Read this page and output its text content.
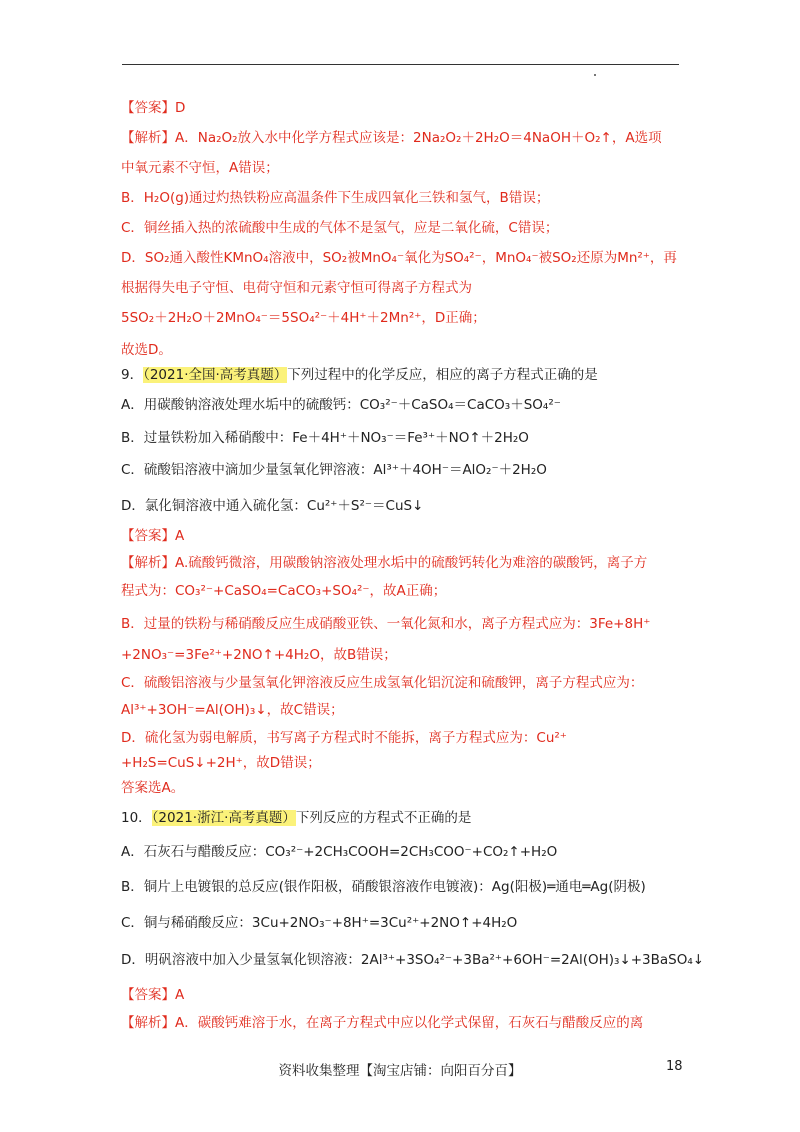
【答案】D
【解析】A．Na₂O₂放入水中化学方程式应该是：2Na₂O₂＋2H₂O＝4NaOH＋O₂↑，A选项
中氧元素不守恒，A错误；
B．H₂O(g)通过灼热铁粉应高温条件下生成四氧化三铁和氢气，B错误；
C．铜丝插入热的浓硫酸中生成的气体不是氢气，应是二氧化硫，C错误；
D．SO₂通入酸性KMnO₄溶液中，SO₂被MnO₄⁻氧化为SO₄²⁻，MnO₄⁻被SO₂还原为Mn²⁺，再
根据得失电子守恒、电荷守恒和元素守恒可得离子方程式为
5SO₂＋2H₂O＋2MnO₄⁻＝5SO₄²⁻＋4H⁺＋2Mn²⁺，D正确；
故选D。
9．（2021·全国·高考真题）下列过程中的化学反应，相应的离子方程式正确的是
A．用碳酸钠溶液处理水垢中的硫酸钙：CO₃²⁻＋CaSO₄＝CaCO₃＋SO₄²⁻
B．过量铁粉加入稀硝酸中：Fe＋4H⁺＋NO₃⁻＝Fe³⁺＋NO↑＋2H₂O
C．硫酸铝溶液中滴加少量氢氧化钾溶液：Al³⁺＋4OH⁻＝AlO₂⁻＋2H₂O
D．氯化铜溶液中通入硫化氢：Cu²⁺＋S²⁻＝CuS↓
【答案】A
【解析】A.硫酸钙微溶，用碳酸钠溶液处理水垢中的硫酸钙转化为难溶的碳酸钙，离子方
程式为：CO₃²⁻+CaSO₄=CaCO₃+SO₄²⁻，故A正确；
B．过量的铁粉与稀硝酸反应生成硝酸亚铁、一氧化氮和水，离子方程式应为：3Fe+8H⁺
+2NO₃⁻=3Fe²⁺+2NO↑+4H₂O，故B错误；
C．硫酸铝溶液与少量氢氧化钾溶液反应生成氢氧化铝沉淀和硫酸钾，离子方程式应为：
Al³⁺+3OH⁻=Al(OH)₃↓，故C错误；
D．硫化氢为弱电解质，书写离子方程式时不能拆，离子方程式应为：Cu²⁺
+H₂S=CuS↓+2H⁺，故D错误；
答案选A。
10．（2021·浙江·高考真题）下列反应的方程式不正确的是
A．石灰石与醋酸反应：CO₃²⁻+2CH₃COOH=2CH₃COO⁻+CO₂↑+H₂O
B．铜片上电镀银的总反应(银作阳极，硝酸银溶液作电镀液)：Ag(阳极)═通电═Ag(阴极)
C．铜与稀硝酸反应：3Cu+2NO₃⁻+8H⁺=3Cu²⁺+2NO↑+4H₂O
D．明矾溶液中加入少量氢氧化钡溶液：2Al³⁺+3SO₄²⁻+3Ba²⁺+6OH⁻=2Al(OH)₃↓+3BaSO₄↓
【答案】A
【解析】A．碳酸钙难溶于水，在离子方程式中应以化学式保留，石灰石与醋酸反应的离
资料收集整理【淘宝店铺：向阳百分百】	18
